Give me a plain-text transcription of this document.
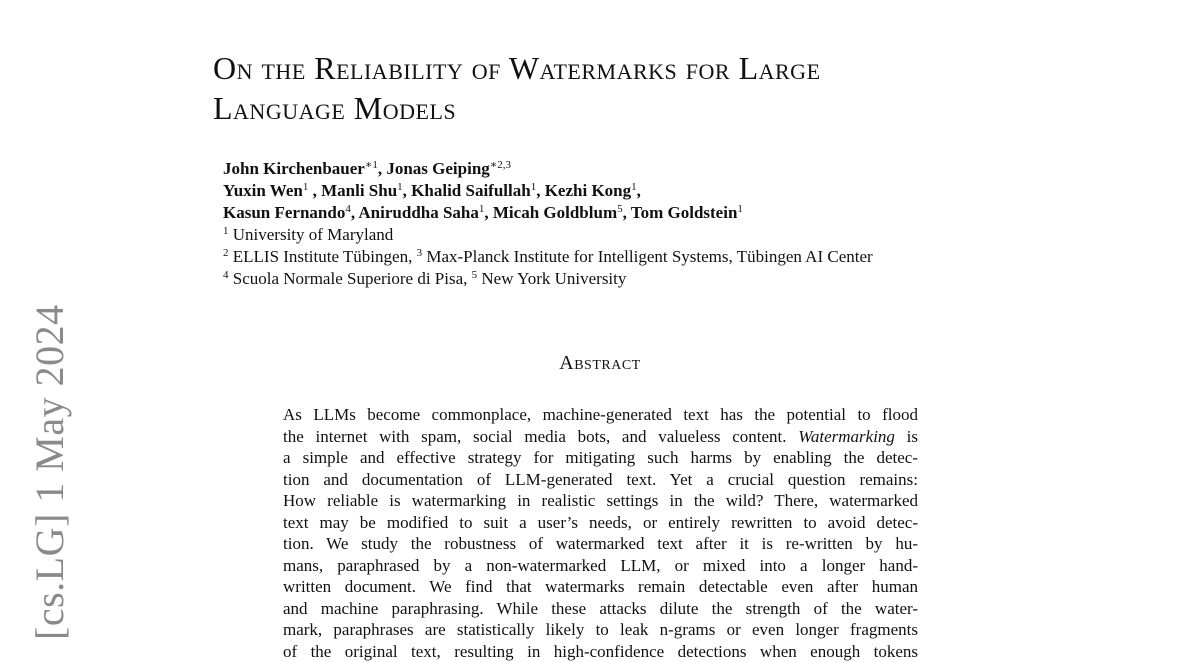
[cs.LG] 1 May 2024
On the Reliability of Watermarks for Large
Language Models
John Kirchenbauer$^{∗1}$, Jonas Geiping$^{∗2,3}$
Yuxin Wen$^1$ , Manli Shu$^1$, Khalid Saifullah$^1$, Kezhi Kong$^1$,
Kasun Fernando$^4$, Aniruddha Saha$^1$, Micah Goldblum$^5$, Tom Goldstein$^1$
$^1$ University of Maryland
$^2$ ELLIS Institute Tübingen, $^3$ Max-Planck Institute for Intelligent Systems, Tübingen AI Center
$^4$ Scuola Normale Superiore di Pisa, $^5$ New York University
Abstract
As LLMs become commonplace, machine-generated text has the potential to flood
the internet with spam, social media bots, and valueless content. Watermarking is
a simple and effective strategy for mitigating such harms by enabling the detec-
tion and documentation of LLM-generated text. Yet a crucial question remains:
How reliable is watermarking in realistic settings in the wild? There, watermarked
text may be modified to suit a user’s needs, or entirely rewritten to avoid detec-
tion. We study the robustness of watermarked text after it is re-written by hu-
mans, paraphrased by a non-watermarked LLM, or mixed into a longer hand-
written document. We find that watermarks remain detectable even after human
and machine paraphrasing. While these attacks dilute the strength of the water-
mark, paraphrases are statistically likely to leak n-grams or even longer fragments
of the original text, resulting in high-confidence detections when enough tokens
